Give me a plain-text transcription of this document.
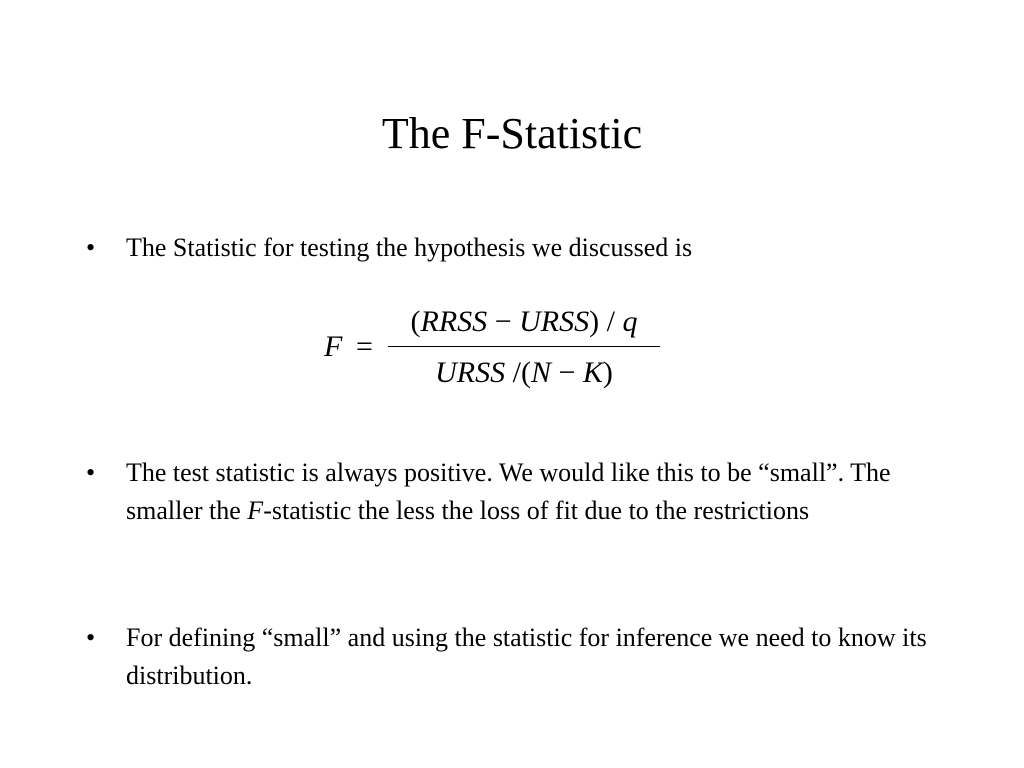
The F-Statistic
•	The Statistic for testing the hypothesis we discussed is
F =
(RRSS − URSS) / q
URSS /(N − K)
•	The test statistic is always positive. We would like this to be “small”. The smaller the F-statistic the less the loss of fit due to the restrictions
•	For defining “small” and using the statistic for inference we need to know its distribution.
